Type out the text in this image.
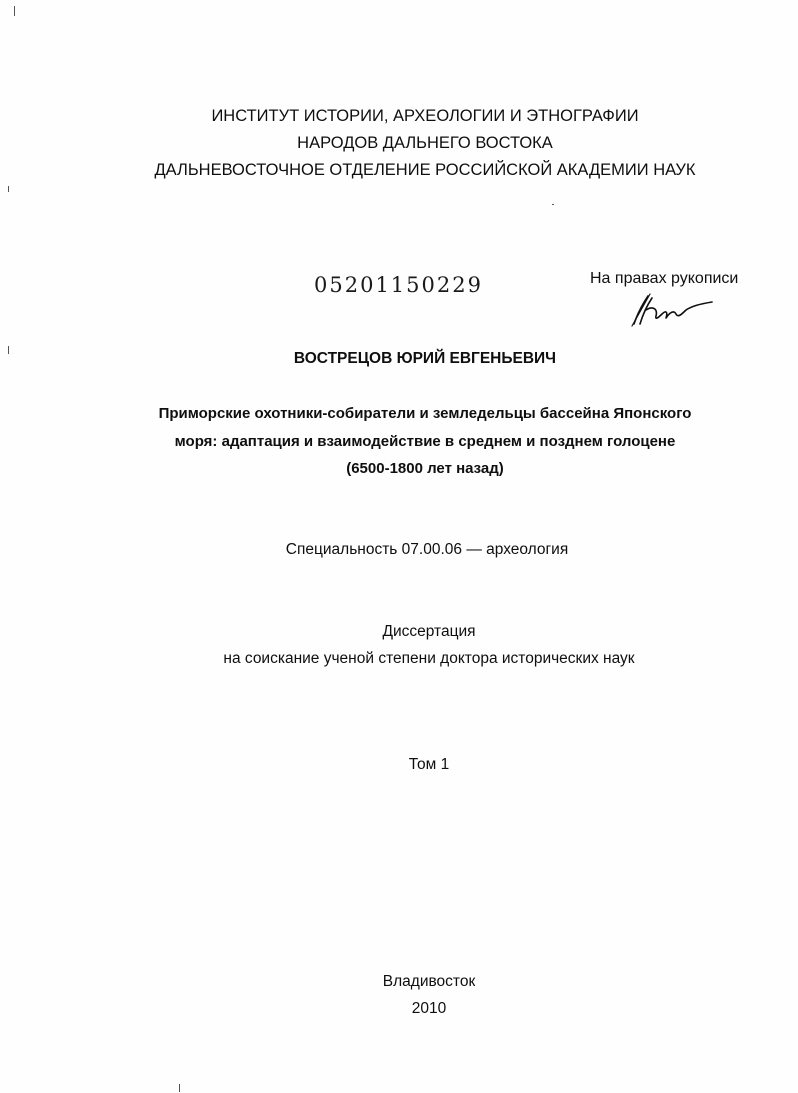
ИНСТИТУТ ИСТОРИИ, АРХЕОЛОГИИ И ЭТНОГРАФИИ
НАРОДОВ ДАЛЬНЕГО ВОСТОКА
ДАЛЬНЕВОСТОЧНОЕ ОТДЕЛЕНИЕ РОССИЙСКОЙ АКАДЕМИИ НАУК
05201150229	На правах рукописи
ВОСТРЕЦОВ ЮРИЙ ЕВГЕНЬЕВИЧ
Приморские охотники-собиратели и земледельцы бассейна Японского
моря: адаптация и взаимодействие в среднем и позднем голоцене
(6500-1800 лет назад)
Специальность 07.00.06 — археология
Диссертация
на соискание ученой степени доктора исторических наук
Том 1
Владивосток
2010
